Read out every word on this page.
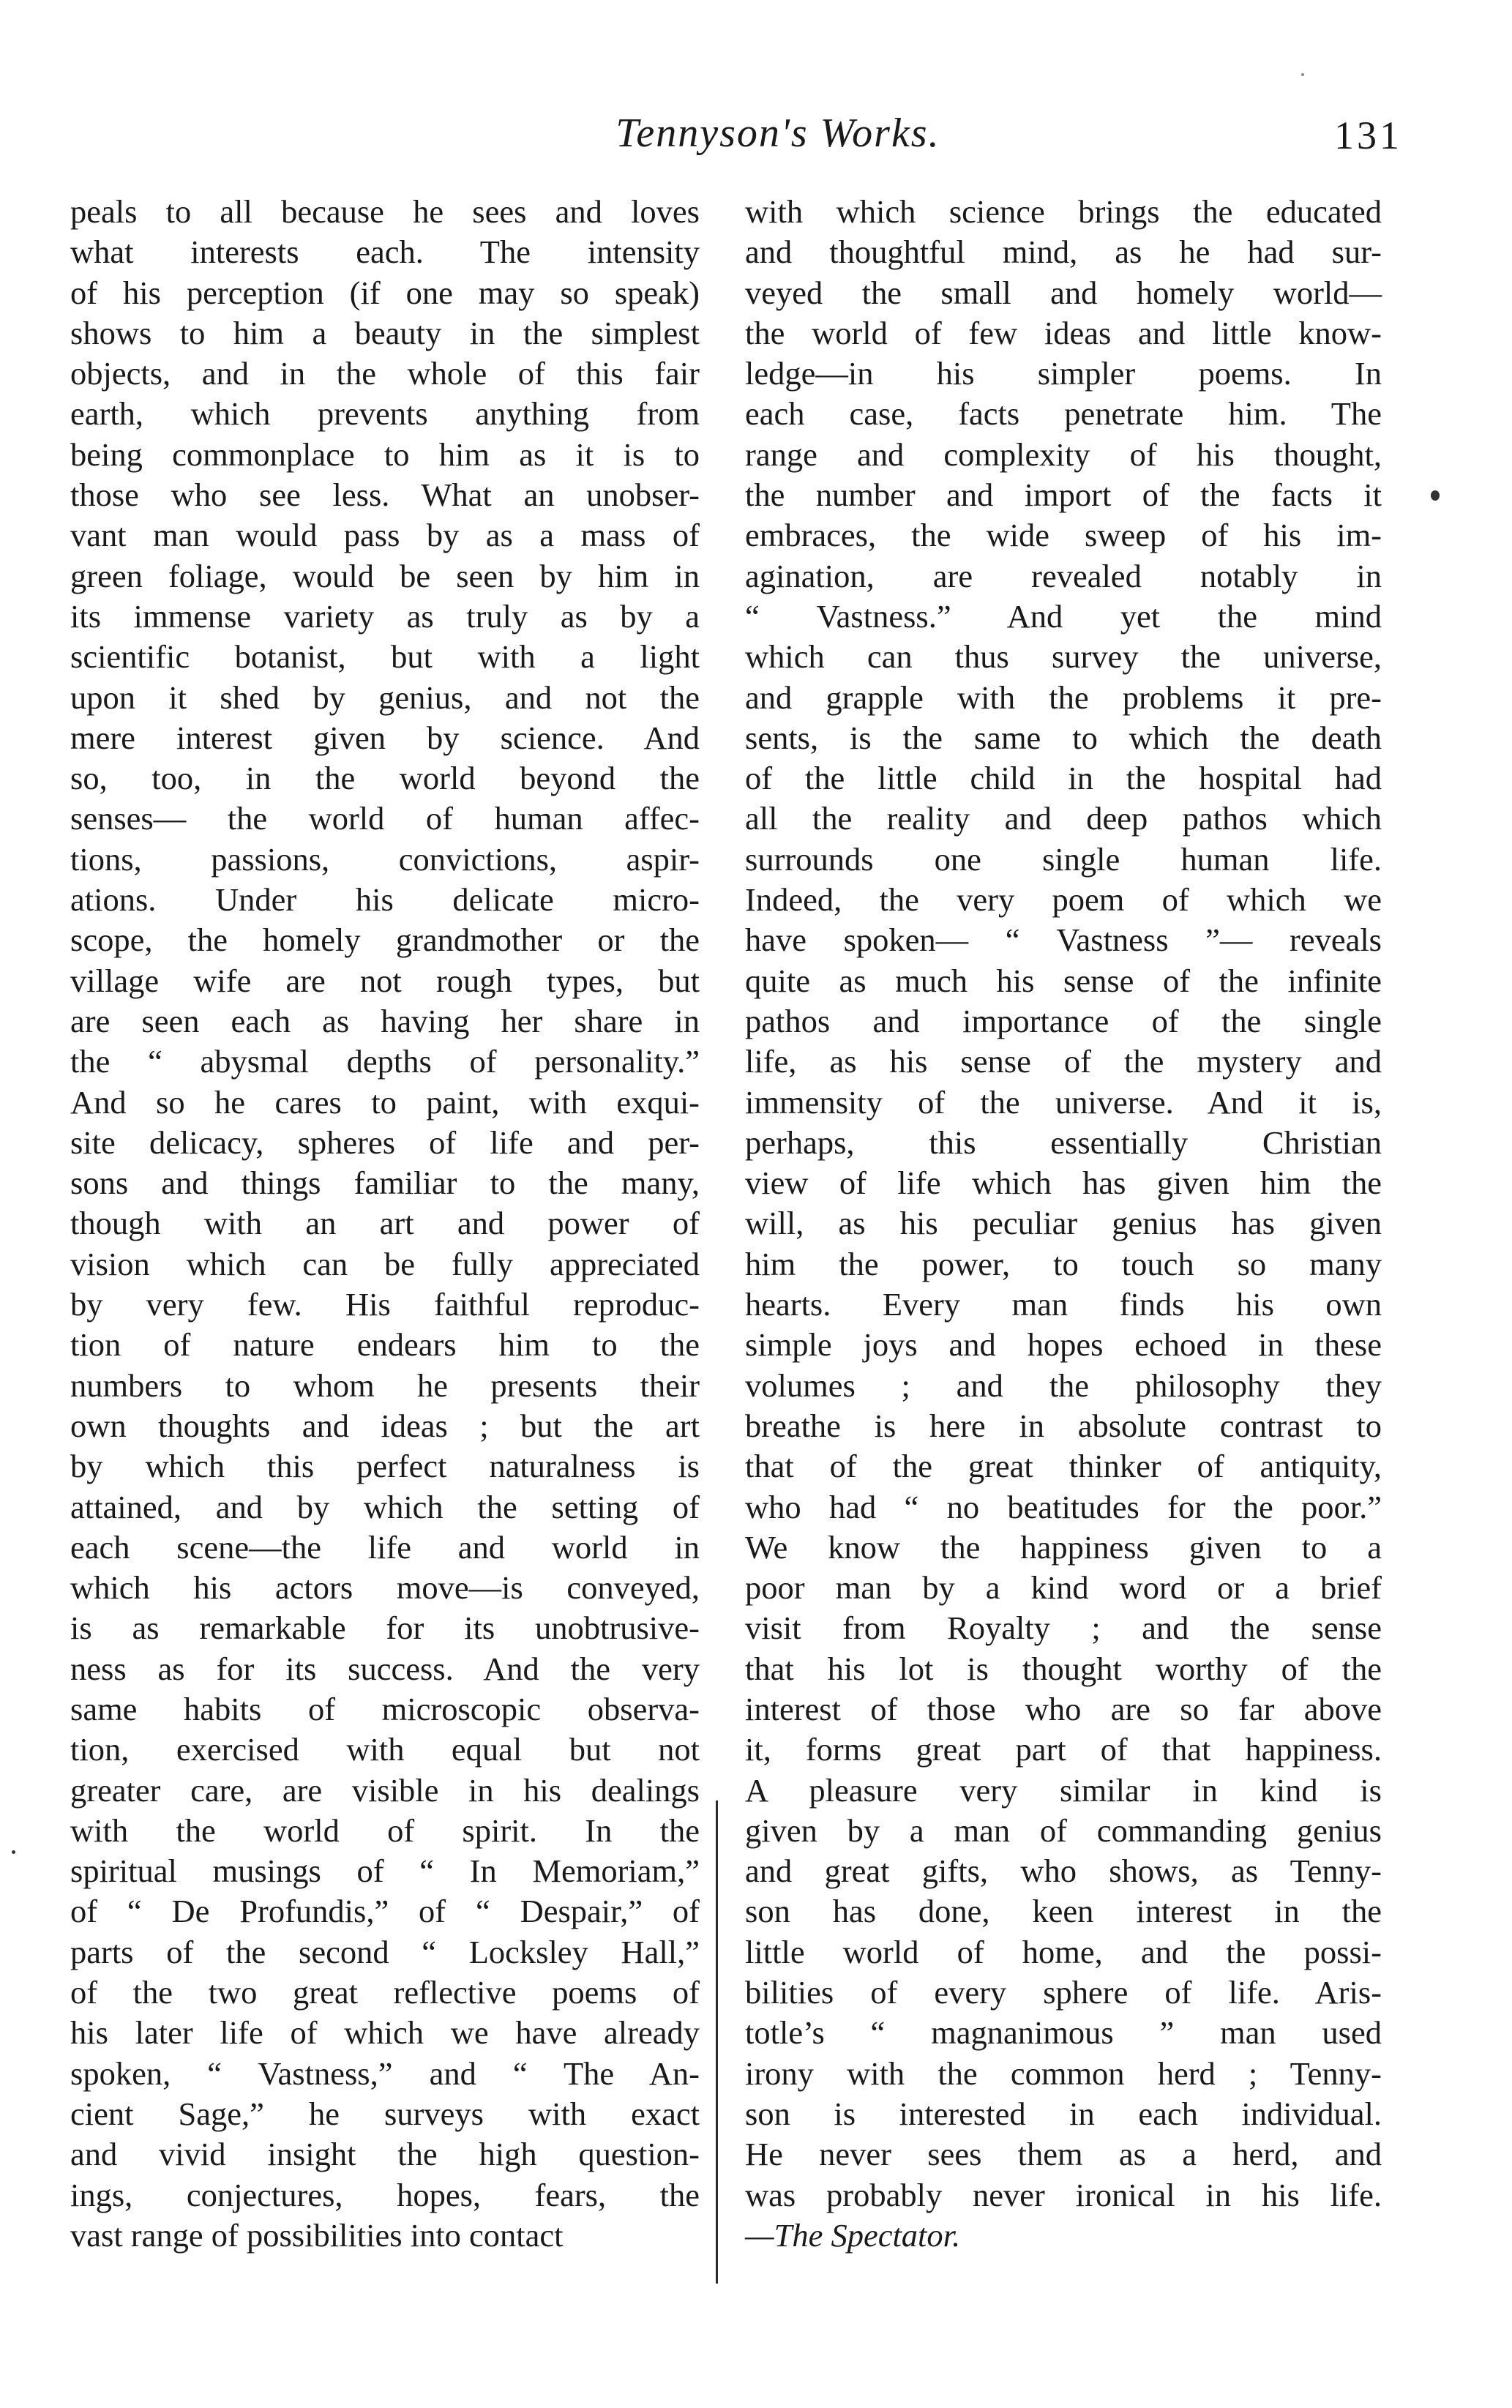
Tennyson's Works.	131
peals to all because he sees and loves
what interests each. The intensity
of his perception (if one may so speak)
shows to him a beauty in the simplest
objects, and in the whole of this fair
earth, which prevents anything from
being commonplace to him as it is to
those who see less. What an unobser-
vant man would pass by as a mass of
green foliage, would be seen by him in
its immense variety as truly as by a
scientific botanist, but with a light
upon it shed by genius, and not the
mere interest given by science. And
so, too, in the world beyond the
senses— the world of human affec-
tions, passions, convictions, aspir-
ations. Under his delicate micro-
scope, the homely grandmother or the
village wife are not rough types, but
are seen each as having her share in
the “ abysmal depths of personality.”
And so he cares to paint, with exqui-
site delicacy, spheres of life and per-
sons and things familiar to the many,
though with an art and power of
vision which can be fully appreciated
by very few. His faithful reproduc-
tion of nature endears him to the
numbers to whom he presents their
own thoughts and ideas ; but the art
by which this perfect naturalness is
attained, and by which the setting of
each scene—the life and world in
which his actors move—is conveyed,
is as remarkable for its unobtrusive-
ness as for its success. And the very
same habits of microscopic observa-
tion, exercised with equal but not
greater care, are visible in his dealings
with the world of spirit. In the
spiritual musings of “ In Memoriam,”
of “ De Profundis,” of “ Despair,” of
parts of the second “ Locksley Hall,”
of the two great reflective poems of
his later life of which we have already
spoken, “ Vastness,” and “ The An-
cient Sage,” he surveys with exact
and vivid insight the high question-
ings, conjectures, hopes, fears, the
vast range of possibilities into contact
with which science brings the educated
and thoughtful mind, as he had sur-
veyed the small and homely world—
the world of few ideas and little know-
ledge—in his simpler poems. In
each case, facts penetrate him. The
range and complexity of his thought,
the number and import of the facts it
embraces, the wide sweep of his im-
agination, are revealed notably in
“ Vastness.” And yet the mind
which can thus survey the universe,
and grapple with the problems it pre-
sents, is the same to which the death
of the little child in the hospital had
all the reality and deep pathos which
surrounds one single human life.
Indeed, the very poem of which we
have spoken— “ Vastness ”— reveals
quite as much his sense of the infinite
pathos and importance of the single
life, as his sense of the mystery and
immensity of the universe. And it is,
perhaps, this essentially Christian
view of life which has given him the
will, as his peculiar genius has given
him the power, to touch so many
hearts. Every man finds his own
simple joys and hopes echoed in these
volumes ; and the philosophy they
breathe is here in absolute contrast to
that of the great thinker of antiquity,
who had “ no beatitudes for the poor.”
We know the happiness given to a
poor man by a kind word or a brief
visit from Royalty ; and the sense
that his lot is thought worthy of the
interest of those who are so far above
it, forms great part of that happiness.
A pleasure very similar in kind is
given by a man of commanding genius
and great gifts, who shows, as Tenny-
son has done, keen interest in the
little world of home, and the possi-
bilities of every sphere of life. Aris-
totle’s “ magnanimous ” man used
irony with the common herd ; Tenny-
son is interested in each individual.
He never sees them as a herd, and
was probably never ironical in his life.
—The Spectator.
